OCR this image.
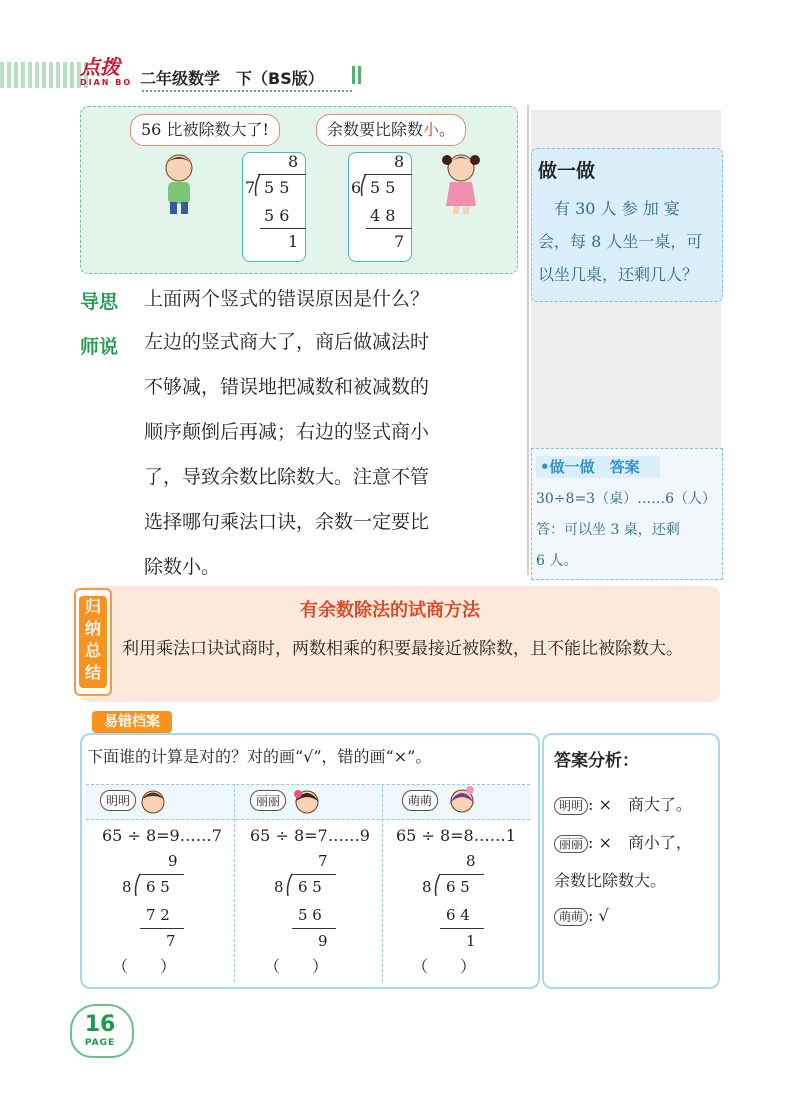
点拨
DIAN BO 二年级数学　下（BS版）
56 比被除数大了!	余数要比除数小。
8
7 5 5
5 6
1
8
6 5 5
4 8
7
做一做
　有 30 人 参 加 宴
会，每 8 人坐一桌，可
以坐几桌，还剩几人？
•做一做　答案
30÷8=3（桌）……6（人）
答：可以坐 3 桌，还剩
6 人。
导思 上面两个竖式的错误原因是什么？
师说 左边的竖式商大了，商后做减法时
不够减，错误地把减数和被减数的
顺序颠倒后再减；右边的竖式商小
了，导致余数比除数大。注意不管
选择哪句乘法口诀，余数一定要比
除数小。
归纳总结
有余数除法的试商方法
利用乘法口诀试商时，两数相乘的积要最接近被除数，且不能比被除数大。
易错档案
下面谁的计算是对的？对的画“√”，错的画“×”。
明明
65 ÷ 8=9……7
9
8 6 5
7 2
7
（　　）
丽丽
65 ÷ 8=7……9
7
8 6 5
5 6
9
（　　）
萌萌
65 ÷ 8=8……1
8
8 6 5
6 4
1
（　　）
答案分析：
明明 : ×　商大了。
丽丽 : ×　商小了，
余数比除数大。
萌萌 : √
16
PAGE
